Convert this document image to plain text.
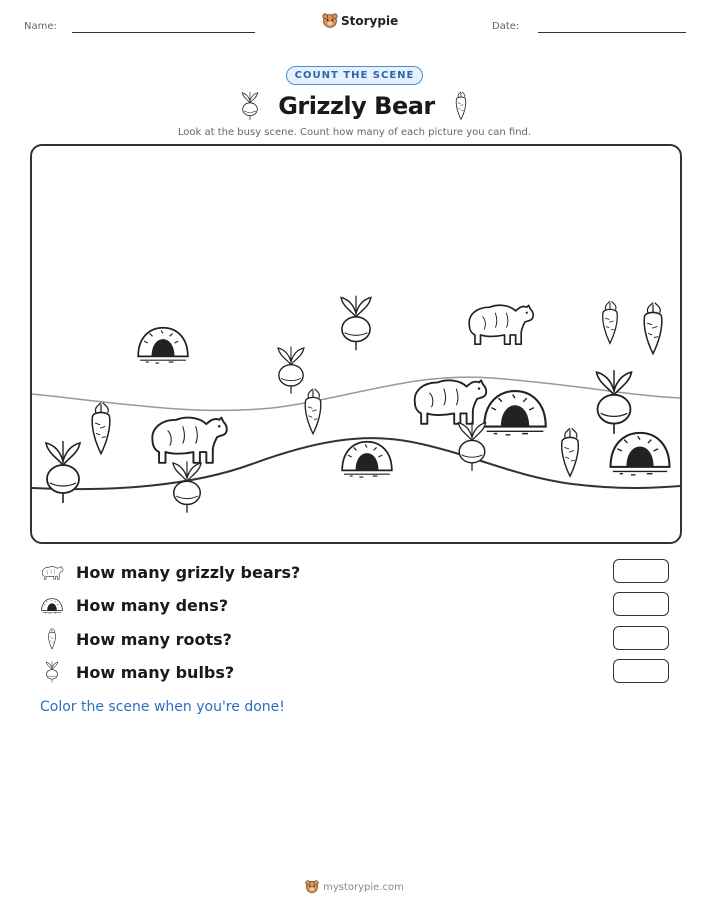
Name:	Storypie	Date:
COUNT THE SCENE
Grizzly Bear
Look at the busy scene. Count how many of each picture you can find.
How many grizzly bears?
How many dens?
How many roots?
How many bulbs?
Color the scene when you're done!
mystorypie.com
